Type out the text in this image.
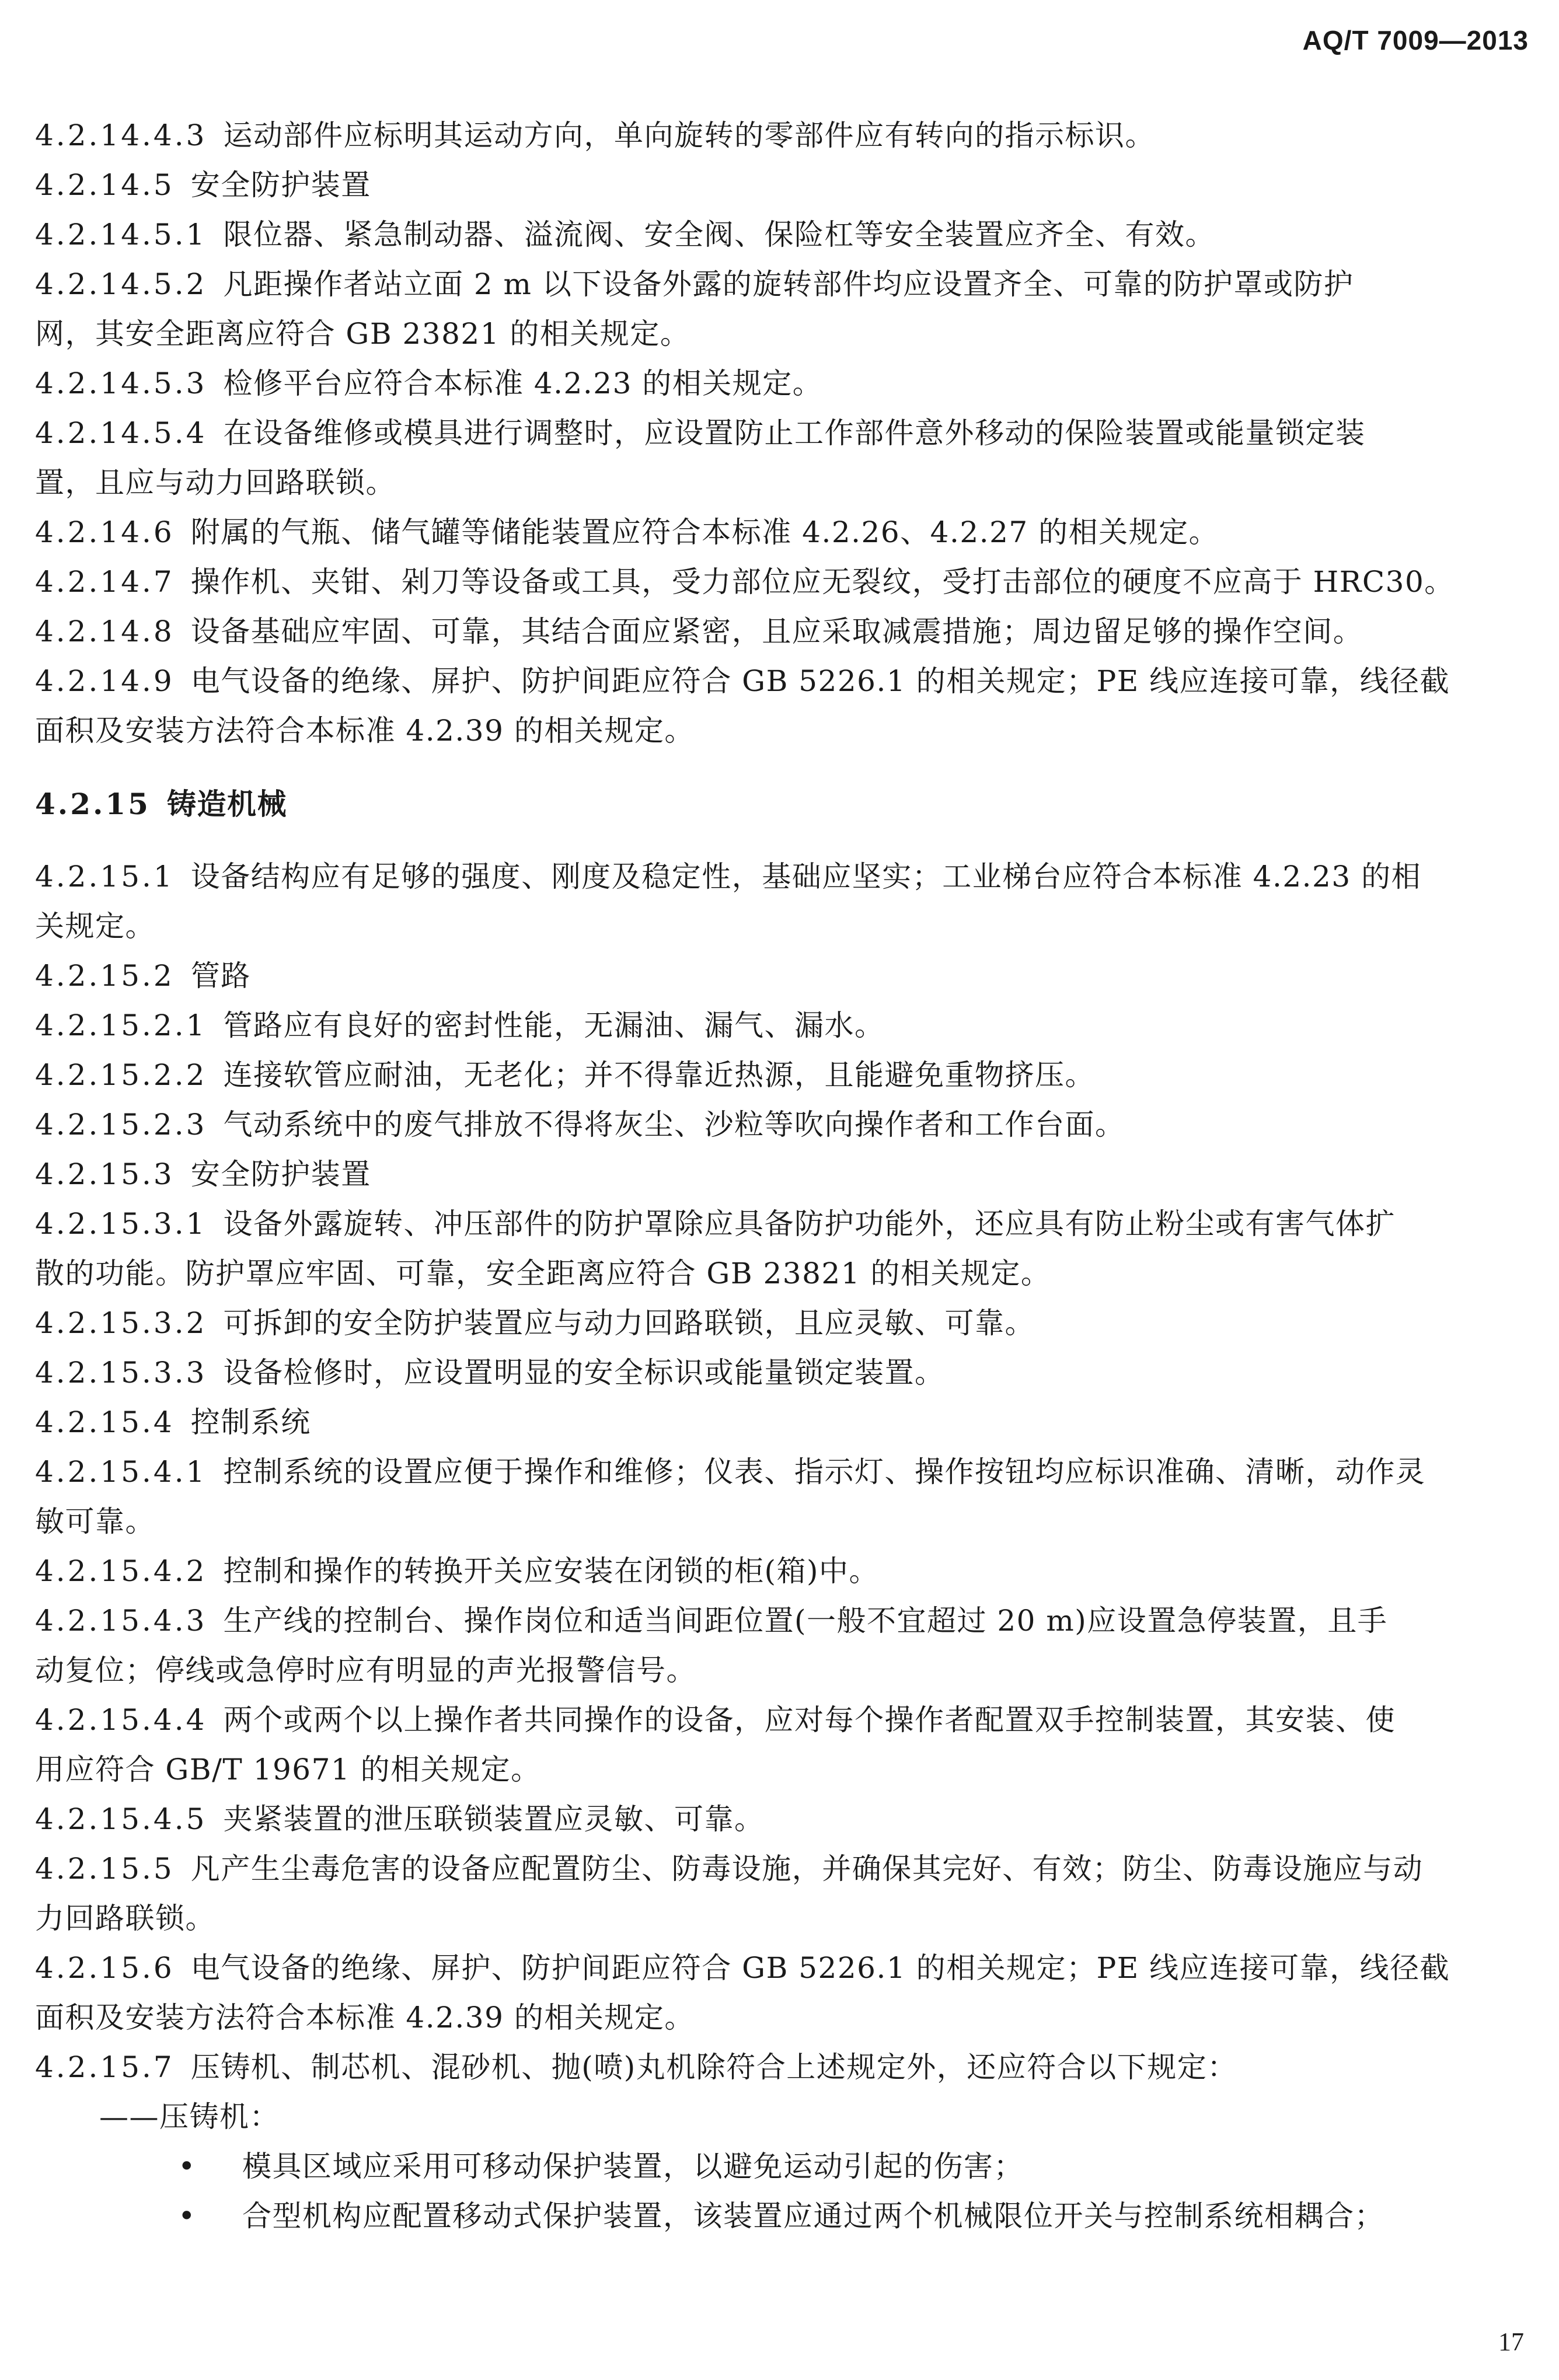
AQ/T 7009—2013
4.2.14.4.3 运动部件应标明其运动方向，单向旋转的零部件应有转向的指示标识。
4.2.14.5 安全防护装置
4.2.14.5.1 限位器、紧急制动器、溢流阀、安全阀、保险杠等安全装置应齐全、有效。
4.2.14.5.2 凡距操作者站立面 2 m 以下设备外露的旋转部件均应设置齐全、可靠的防护罩或防护
网，其安全距离应符合 GB 23821 的相关规定。
4.2.14.5.3 检修平台应符合本标准 4.2.23 的相关规定。
4.2.14.5.4 在设备维修或模具进行调整时，应设置防止工作部件意外移动的保险装置或能量锁定装
置，且应与动力回路联锁。
4.2.14.6 附属的气瓶、储气罐等储能装置应符合本标准 4.2.26、4.2.27 的相关规定。
4.2.14.7 操作机、夹钳、剁刀等设备或工具，受力部位应无裂纹，受打击部位的硬度不应高于 HRC30。
4.2.14.8 设备基础应牢固、可靠，其结合面应紧密，且应采取减震措施；周边留足够的操作空间。
4.2.14.9 电气设备的绝缘、屏护、防护间距应符合 GB 5226.1 的相关规定；PE 线应连接可靠，线径截
面积及安装方法符合本标准 4.2.39 的相关规定。
4.2.15 铸造机械
4.2.15.1 设备结构应有足够的强度、刚度及稳定性，基础应坚实；工业梯台应符合本标准 4.2.23 的相
关规定。
4.2.15.2 管路
4.2.15.2.1 管路应有良好的密封性能，无漏油、漏气、漏水。
4.2.15.2.2 连接软管应耐油，无老化；并不得靠近热源，且能避免重物挤压。
4.2.15.2.3 气动系统中的废气排放不得将灰尘、沙粒等吹向操作者和工作台面。
4.2.15.3 安全防护装置
4.2.15.3.1 设备外露旋转、冲压部件的防护罩除应具备防护功能外，还应具有防止粉尘或有害气体扩
散的功能。防护罩应牢固、可靠，安全距离应符合 GB 23821 的相关规定。
4.2.15.3.2 可拆卸的安全防护装置应与动力回路联锁，且应灵敏、可靠。
4.2.15.3.3 设备检修时，应设置明显的安全标识或能量锁定装置。
4.2.15.4 控制系统
4.2.15.4.1 控制系统的设置应便于操作和维修；仪表、指示灯、操作按钮均应标识准确、清晰，动作灵
敏可靠。
4.2.15.4.2 控制和操作的转换开关应安装在闭锁的柜(箱)中。
4.2.15.4.3 生产线的控制台、操作岗位和适当间距位置(一般不宜超过 20 m)应设置急停装置，且手
动复位；停线或急停时应有明显的声光报警信号。
4.2.15.4.4 两个或两个以上操作者共同操作的设备，应对每个操作者配置双手控制装置，其安装、使
用应符合 GB/T 19671 的相关规定。
4.2.15.4.5 夹紧装置的泄压联锁装置应灵敏、可靠。
4.2.15.5 凡产生尘毒危害的设备应配置防尘、防毒设施，并确保其完好、有效；防尘、防毒设施应与动
力回路联锁。
4.2.15.6 电气设备的绝缘、屏护、防护间距应符合 GB 5226.1 的相关规定；PE 线应连接可靠，线径截
面积及安装方法符合本标准 4.2.39 的相关规定。
4.2.15.7 压铸机、制芯机、混砂机、抛(喷)丸机除符合上述规定外，还应符合以下规定：
——压铸机：
• 模具区域应采用可移动保护装置，以避免运动引起的伤害；
• 合型机构应配置移动式保护装置，该装置应通过两个机械限位开关与控制系统相耦合；
17
